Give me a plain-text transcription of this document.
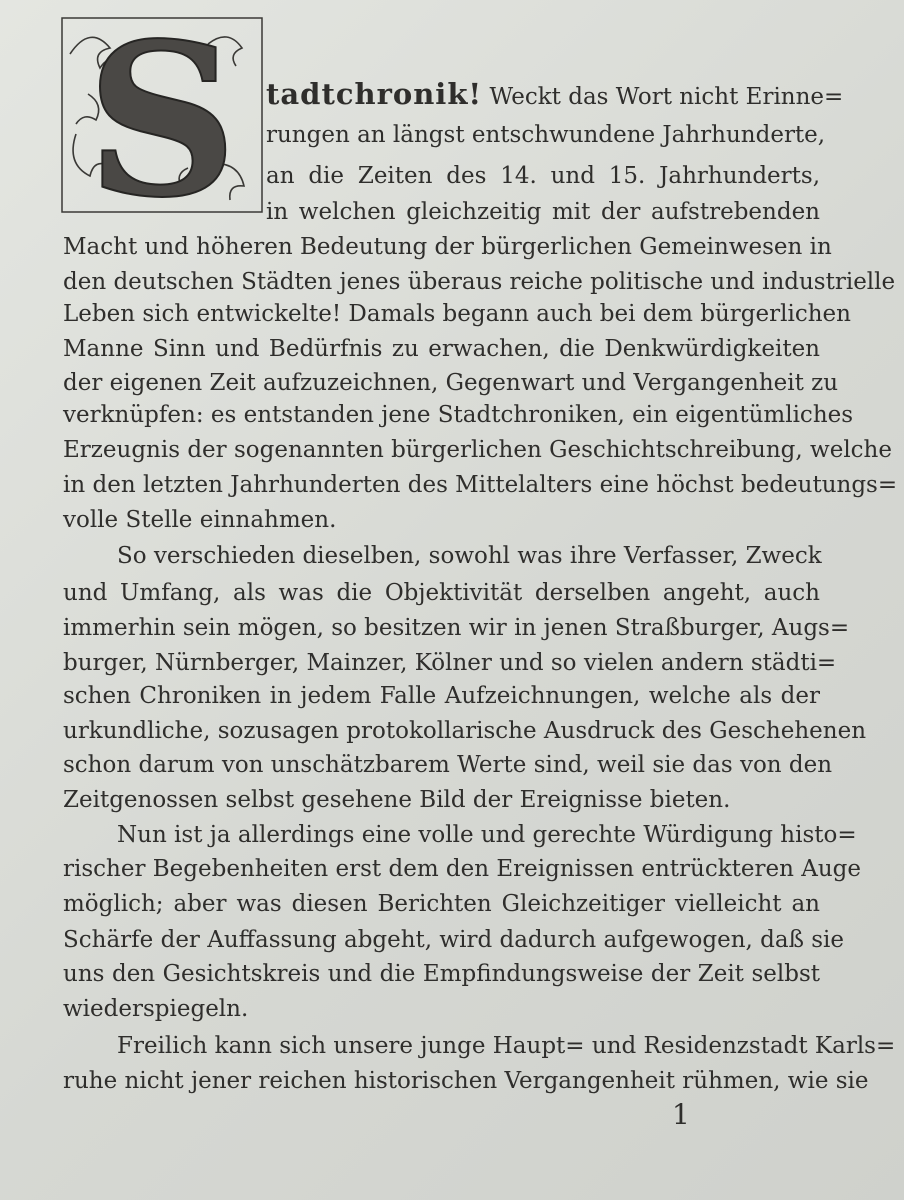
S tadtchronik! Weckt das Wort nicht Erinne=
rungen an längst entschwundene Jahrhunderte,
an die Zeiten des 14. und 15. Jahrhunderts,
in welchen gleichzeitig mit der aufstrebenden
Macht und höheren Bedeutung der bürgerlichen Gemeinwesen in
den deutschen Städten jenes überaus reiche politische und industrielle
Leben sich entwickelte! Damals begann auch bei dem bürgerlichen
Manne Sinn und Bedürfnis zu erwachen, die Denkwürdigkeiten
der eigenen Zeit aufzuzeichnen, Gegenwart und Vergangenheit zu
verknüpfen: es entstanden jene Stadtchroniken, ein eigentümliches
Erzeugnis der sogenannten bürgerlichen Geschichtschreibung, welche
in den letzten Jahrhunderten des Mittelalters eine höchst bedeutungs=
volle Stelle einnahmen.
So verschieden dieselben, sowohl was ihre Verfasser, Zweck
und Umfang, als was die Objektivität derselben angeht, auch
immerhin sein mögen, so besitzen wir in jenen Straßburger, Augs=
burger, Nürnberger, Mainzer, Kölner und so vielen andern städti=
schen Chroniken in jedem Falle Aufzeichnungen, welche als der
urkundliche, sozusagen protokollarische Ausdruck des Geschehenen
schon darum von unschätzbarem Werte sind, weil sie das von den
Zeitgenossen selbst gesehene Bild der Ereignisse bieten.
Nun ist ja allerdings eine volle und gerechte Würdigung histo=
rischer Begebenheiten erst dem den Ereignissen entrückteren Auge
möglich; aber was diesen Berichten Gleichzeitiger vielleicht an
Schärfe der Auffassung abgeht, wird dadurch aufgewogen, daß sie
uns den Gesichtskreis und die Empfindungsweise der Zeit selbst
wiederspiegeln.
Freilich kann sich unsere junge Haupt= und Residenzstadt Karls=
ruhe nicht jener reichen historischen Vergangenheit rühmen, wie sie
1
